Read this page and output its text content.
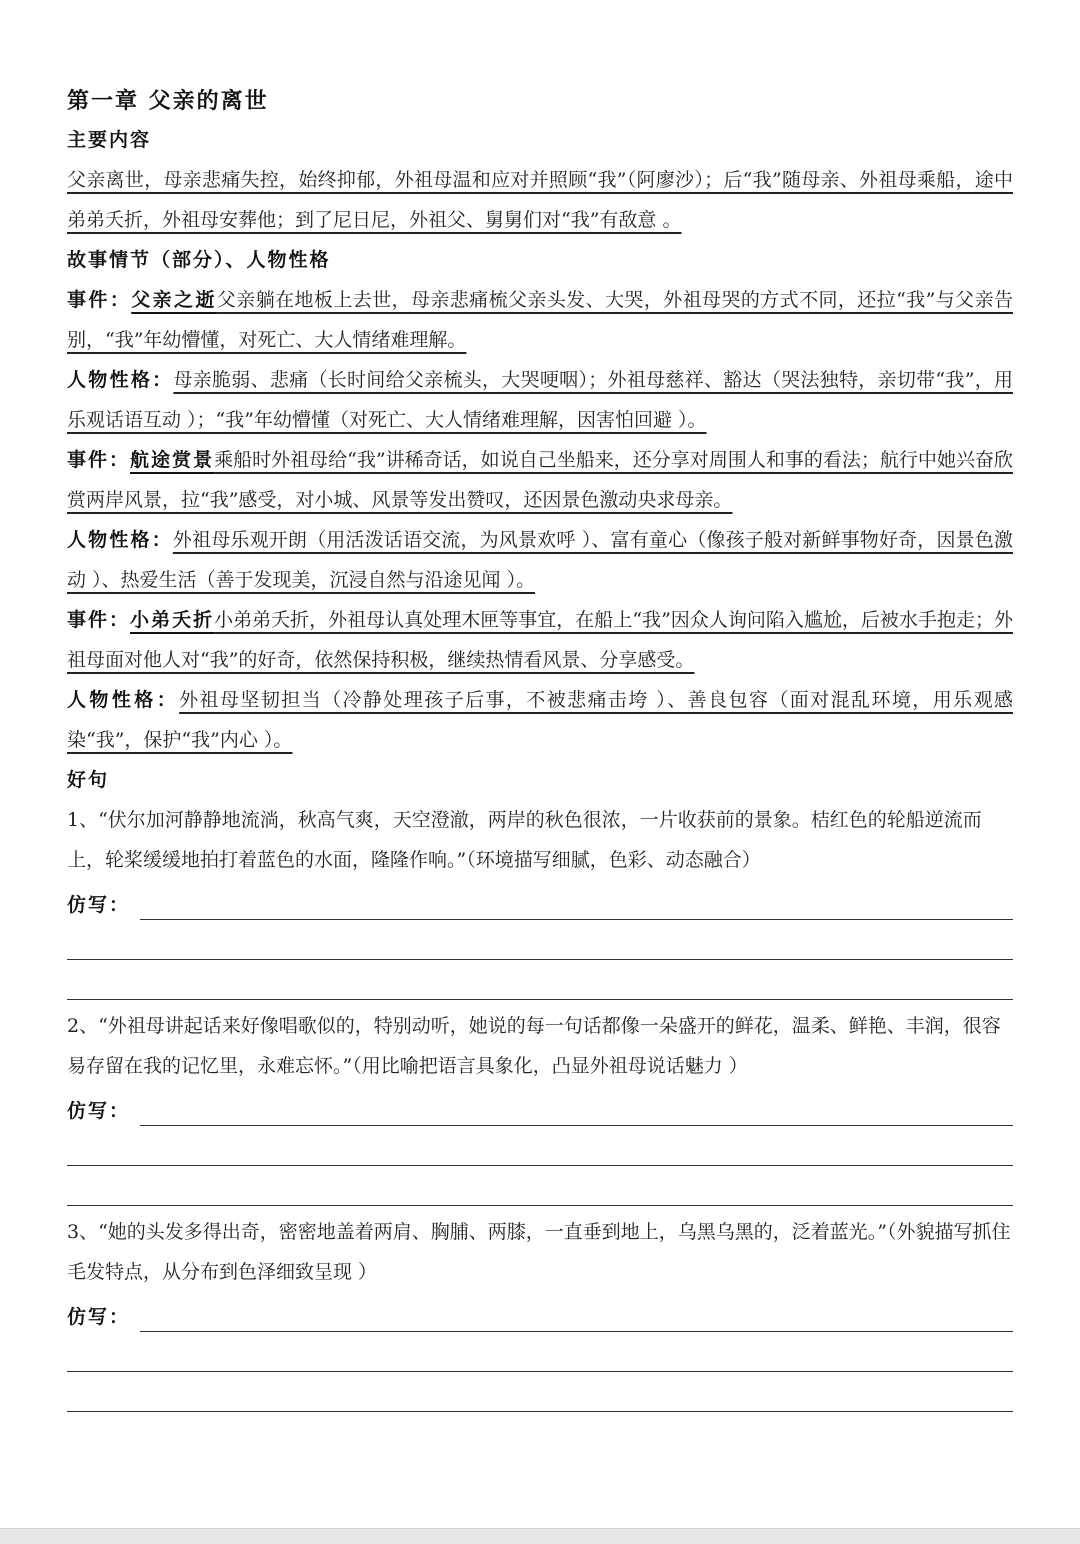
第一章 父亲的离世

主要内容

父亲离世，母亲悲痛失控，始终抑郁，外祖母温和应对并照顾“我”（阿廖沙）；后“我”随母亲、外祖母乘船，途中弟弟夭折，外祖母安葬他；到了尼日尼，外祖父、舅舅们对“我”有敌意 。

故事情节（部分）、人物性格

事件：父亲之逝父亲躺在地板上去世，母亲悲痛梳父亲头发、大哭，外祖母哭的方式不同，还拉“我”与父亲告别，“我”年幼懵懂，对死亡、大人情绪难理解。

人物性格：母亲脆弱、悲痛（长时间给父亲梳头，大哭哽咽）；外祖母慈祥、豁达（哭法独特，亲切带“我”，用乐观话语互动 ）；“我”年幼懵懂（对死亡、大人情绪难理解，因害怕回避 ）。

事件：航途赏景乘船时外祖母给“我”讲稀奇话，如说自己坐船来，还分享对周围人和事的看法；航行中她兴奋欣赏两岸风景，拉“我”感受，对小城、风景等发出赞叹，还因景色激动央求母亲。

人物性格：外祖母乐观开朗（用活泼话语交流，为风景欢呼 ）、富有童心（像孩子般对新鲜事物好奇，因景色激动 ）、热爱生活（善于发现美，沉浸自然与沿途见闻 ）。

事件：小弟夭折小弟弟夭折，外祖母认真处理木匣等事宜，在船上“我”因众人询问陷入尴尬，后被水手抱走；外祖母面对他人对“我”的好奇，依然保持积极，继续热情看风景、分享感受。

人物性格：外祖母坚韧担当（冷静处理孩子后事，不被悲痛击垮 ）、善良包容（面对混乱环境，用乐观感染“我”，保护“我”内心 ）。

好句

1、“伏尔加河静静地流淌，秋高气爽，天空澄澈，两岸的秋色很浓，一片收获前的景象。桔红色的轮船逆流而上，轮桨缓缓地拍打着蓝色的水面，隆隆作响。”（环境描写细腻，色彩、动态融合）

仿写：

2、“外祖母讲起话来好像唱歌似的，特别动听，她说的每一句话都像一朵盛开的鲜花，温柔、鲜艳、丰润，很容易存留在我的记忆里，永难忘怀。”（用比喻把语言具象化，凸显外祖母说话魅力 ）

仿写：

3、“她的头发多得出奇，密密地盖着两肩、胸脯、两膝，一直垂到地上，乌黑乌黑的，泛着蓝光。”（外貌描写抓住毛发特点，从分布到色泽细致呈现 ）

仿写：
